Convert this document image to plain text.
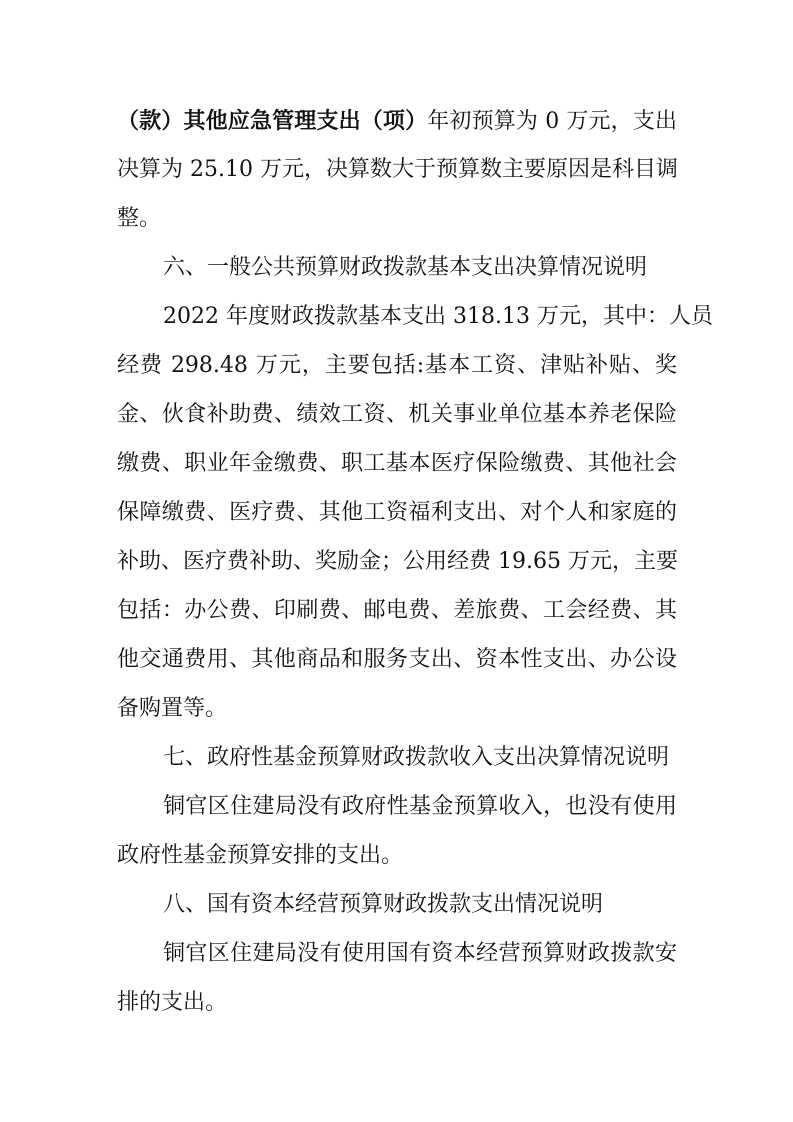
（款）其他应急管理支出（项）年初预算为 0 万元，支出
决算为 25.10 万元，决算数大于预算数主要原因是科目调
整。
六、一般公共预算财政拨款基本支出决算情况说明
2022 年度财政拨款基本支出 318.13 万元，其中：人员
经费 298.48 万元，主要包括:基本工资、津贴补贴、奖
金、伙食补助费、绩效工资、机关事业单位基本养老保险
缴费、职业年金缴费、职工基本医疗保险缴费、其他社会
保障缴费、医疗费、其他工资福利支出、对个人和家庭的
补助、医疗费补助、奖励金；公用经费 19.65 万元，主要
包括：办公费、印刷费、邮电费、差旅费、工会经费、其
他交通费用、其他商品和服务支出、资本性支出、办公设
备购置等。
七、政府性基金预算财政拨款收入支出决算情况说明
铜官区住建局没有政府性基金预算收入，也没有使用
政府性基金预算安排的支出。
八、国有资本经营预算财政拨款支出情况说明
铜官区住建局没有使用国有资本经营预算财政拨款安
排的支出。
